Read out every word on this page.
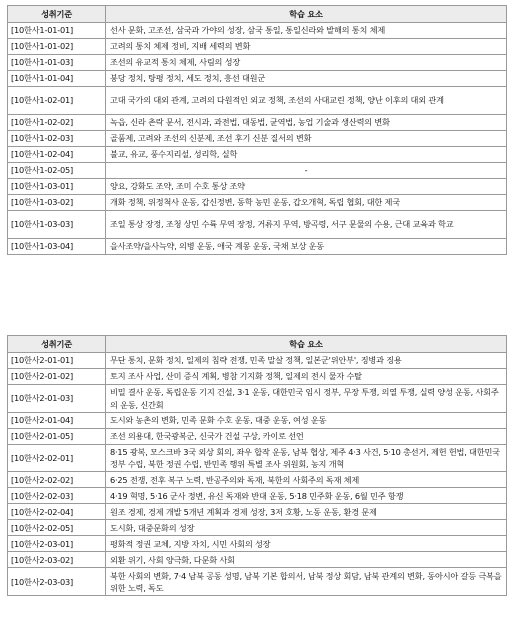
성취기준	학습 요소
[10한사1-01-01]	선사 문화, 고조선, 삼국과 가야의 성장, 삼국 통일, 통일신라와 발해의 통치 체제
[10한사1-01-02]	고려의 통치 체제 정비, 지배 세력의 변화
[10한사1-01-03]	조선의 유교적 통치 체제, 사림의 성장
[10한사1-01-04]	붕당 정치, 탕평 정치, 세도 정치, 흥선 대원군
[10한사1-02-01]	고대 국가의 대외 관계, 고려의 다원적인 외교 정책, 조선의 사대교린 정책, 양난 이후의 대외 관계
[10한사1-02-02]	녹읍, 신라 촌락 문서, 전시과, 과전법, 대동법, 균역법, 농업 기술과 생산력의 변화
[10한사1-02-03]	골품제, 고려와 조선의 신분제, 조선 후기 신분 질서의 변화
[10한사1-02-04]	불교, 유교, 풍수지리설, 성리학, 실학
[10한사1-02-05]	-
[10한사1-03-01]	양요, 강화도 조약, 조미 수호 통상 조약
[10한사1-03-02]	개화 정책, 위정척사 운동, 갑신정변, 동학 농민 운동, 갑오개혁, 독립 협회, 대한 제국
[10한사1-03-03]	조일 통상 장정, 조청 상민 수륙 무역 장정, 거류지 무역, 방곡령, 서구 문물의 수용, 근대 교육과 학교
[10한사1-03-04]	을사조약/을사늑약, 의병 운동, 애국 계몽 운동, 국채 보상 운동
성취기준	학습 요소
[10한사2-01-01]	무단 통치, 문화 정치, 일제의 침략 전쟁, 민족 말살 정책, 일본군'위안부', 징병과 징용
[10한사2-01-02]	토지 조사 사업, 산미 증식 계획, 병참 기지화 정책, 일제의 전시 물자 수탈
[10한사2-01-03]	비밀 결사 운동, 독립운동 기지 건설, 3·1 운동, 대한민국 임시 정부, 무장 투쟁, 의열 투쟁, 실력 양성 운동, 사회주의 운동, 신간회
[10한사2-01-04]	도시와 농촌의 변화, 민족 문화 수호 운동, 대중 운동, 여성 운동
[10한사2-01-05]	조선 의용대, 한국광복군, 신국가 건설 구상, 카이로 선언
[10한사2-02-01]	8·15 광복, 모스크바 3국 외상 회의, 좌우 합작 운동, 남북 협상, 제주 4·3 사건, 5·10 총선거, 제헌 헌법, 대한민국 정부 수립, 북한 정권 수립, 반민족 행위 특별 조사 위원회, 농지 개혁
[10한사2-02-02]	6·25 전쟁, 전후 복구 노력, 반공주의와 독재, 북한의 사회주의 독재 체제
[10한사2-02-03]	4·19 혁명, 5·16 군사 정변, 유신 독재와 반대 운동, 5·18 민주화 운동, 6월 민주 항쟁
[10한사2-02-04]	원조 경제, 경제 개발 5개년 계획과 경제 성장, 3저 호황, 노동 운동, 환경 문제
[10한사2-02-05]	도시화, 대중문화의 성장
[10한사2-03-01]	평화적 정권 교체, 지방 자치, 시민 사회의 성장
[10한사2-03-02]	외환 위기, 사회 양극화, 다문화 사회
[10한사2-03-03]	북한 사회의 변화, 7·4 남북 공동 성명, 남북 기본 합의서, 남북 정상 회담, 남북 관계의 변화, 동아시아 갈등 극복을 위한 노력, 독도
